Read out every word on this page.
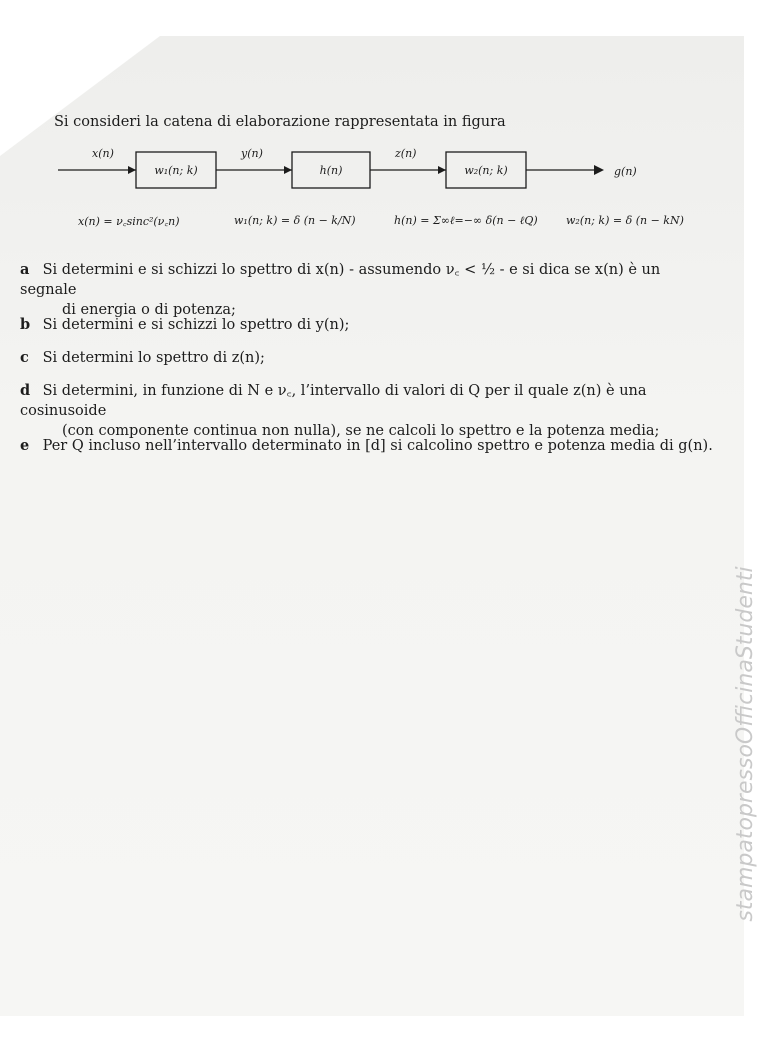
Si consideri la catena di elaborazione rappresentata in figura
x(n)	y(n)	z(n)
g(n)
w₁(n; k)	h(n)	w₂(n; k)
x(n) = ν꜀sinc²(ν꜀n)	w₁(n; k) = δ (n − k/N)	h(n) = Σ∞ℓ=−∞ δ(n − ℓQ)	w₂(n; k) = δ (n − kN)
a Si determini e si schizzi lo spettro di x(n) - assumendo ν꜀ < ½ - e si dica se x(n) è un segnale
di energia o di potenza;
b Si determini e si schizzi lo spettro di y(n);
c Si determini lo spettro di z(n);
d Si determini, in funzione di N e ν꜀, l’intervallo di valori di Q per il quale z(n) è una cosinusoide
(con componente continua non nulla), se ne calcoli lo spettro e la potenza media;
e Per Q incluso nell’intervallo determinato in [d] si calcolino spettro e potenza media di g(n).
stampatopressoOfficinaStudenti
